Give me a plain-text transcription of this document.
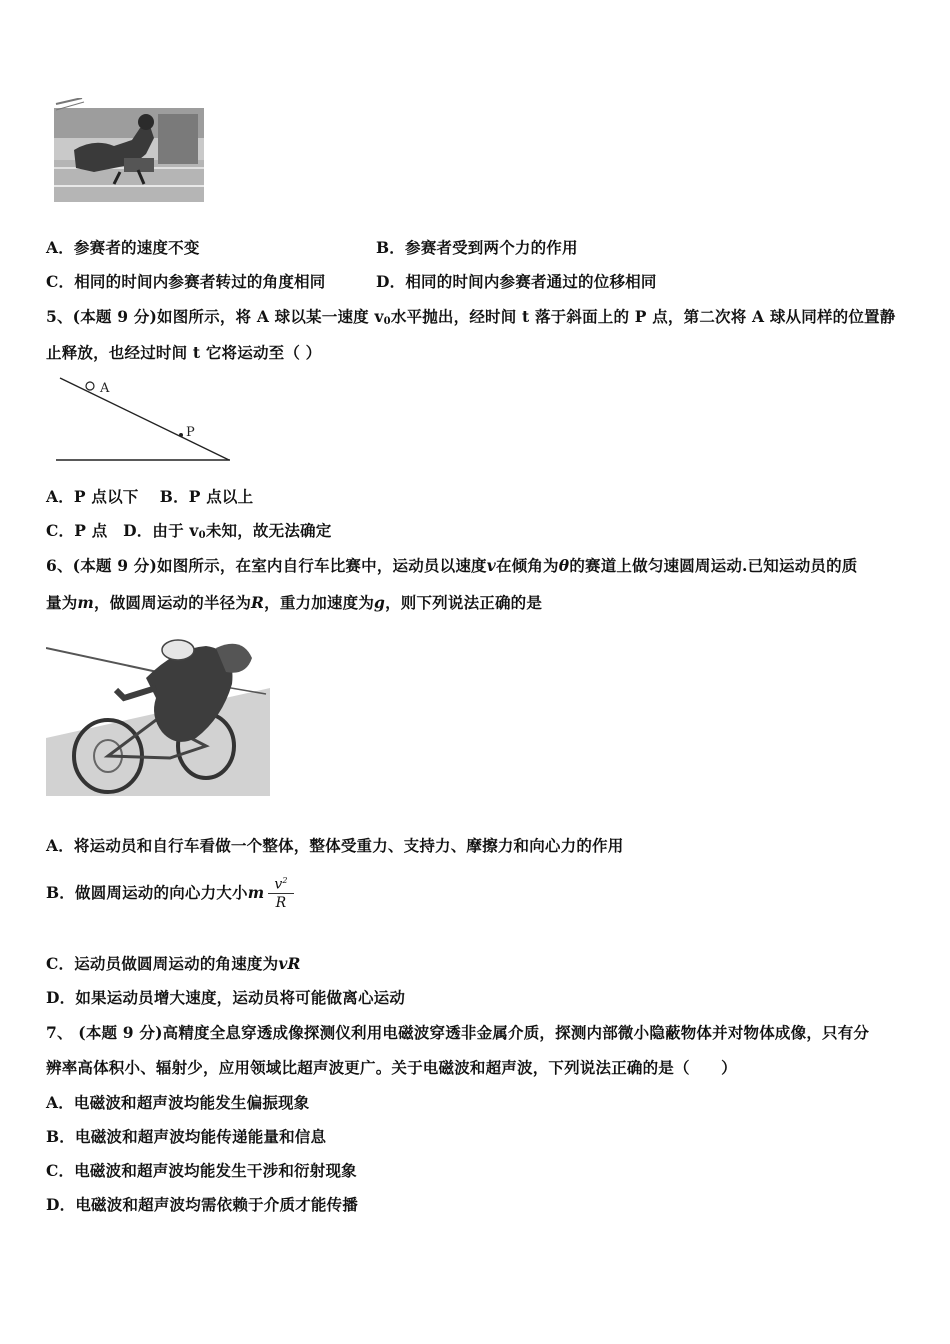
A．参赛者的速度不变	B．参赛者受到两个力的作用
C．相同的时间内参赛者转过的角度相同	D．相同的时间内参赛者通过的位移相同
5、(本题 9 分)如图所示，将 A 球以某一速度 $v_0$水平抛出，经时间 t 落于斜面上的 P 点，第二次将 A 球从同样的位置静
止释放，也经过时间 t 它将运动至（ ）
A
P
A．P 点以下　 B．P 点以上
C．P 点　D．由于 $v_0$未知，故无法确定
6、(本题 9 分)如图所示，在室内自行车比赛中，运动员以速度v在倾角为θ的赛道上做匀速圆周运动.已知运动员的质
量为m，做圆周运动的半径为R，重力加速度为g，则下列说法正确的是
A．将运动员和自行车看做一个整体，整体受重力、支持力、摩擦力和向心力的作用
B．做圆周运动的向心力大小 m $\frac{v^2}{R}$
C．运动员做圆周运动的角速度为vR
D．如果运动员增大速度，运动员将可能做离心运动
7、 (本题 9 分)高精度全息穿透成像探测仪利用电磁波穿透非金属介质，探测内部微小隐蔽物体并对物体成像，只有分
辨率高体积小、辐射少，应用领域比超声波更广。关于电磁波和超声波，下列说法正确的是（　　）
A．电磁波和超声波均能发生偏振现象
B．电磁波和超声波均能传递能量和信息
C．电磁波和超声波均能发生干涉和衍射现象
D．电磁波和超声波均需依赖于介质才能传播
